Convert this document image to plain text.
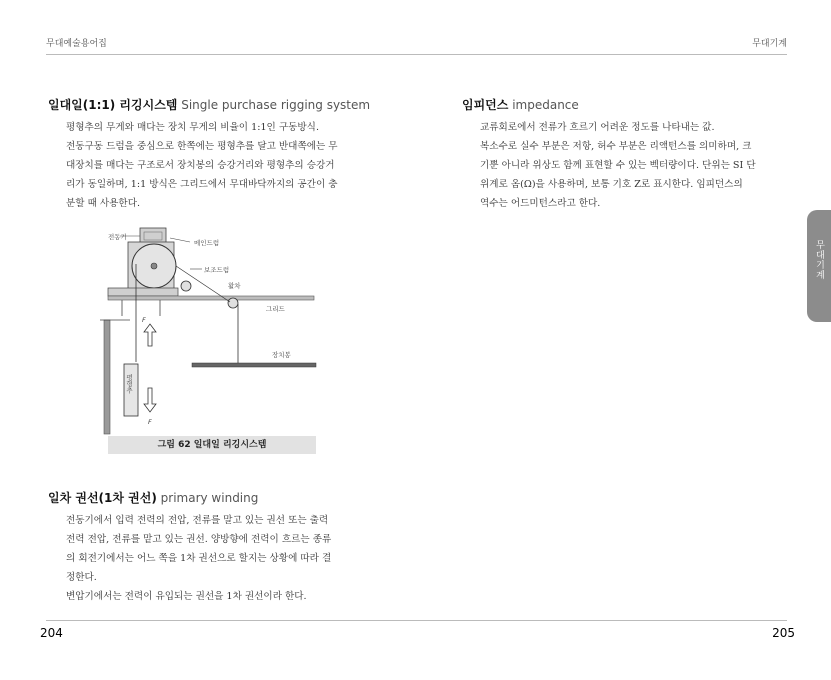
무대예술용어집	무대기계
일대일(1:1) 리깅시스템 Single purchase rigging system

평형추의 무게와 매다는 장치 무게의 비율이 1:1인 구동방식.

전동구동 드럼을 중심으로 한쪽에는 평형추를 달고 반대쪽에는 무

대장치를 매다는 구조로서 장치봉의 승강거리와 평형추의 승강거

리가 동일하며, 1:1 방식은 그리드에서 무대바닥까지의 공간이 충

분할 때 사용한다.

전동기
메인드럼
보조드럼
그리드
활차
장치봉
평형추
F
F
그림 62 일대일 리깅시스템
임피던스 impedance

교류회로에서 전류가 흐르기 어려운 정도를 나타내는 값.

복소수로 실수 부분은 저항, 허수 부분은 리액턴스를 의미하며, 크

기뿐 아니라 위상도 함께 표현할 수 있는 벡터량이다. 단위는 SI 단

위계로 옴(Ω)을 사용하며, 보통 기호 Z로 표시한다. 임피던스의

역수는 어드미턴스라고 한다.

일차 권선(1차 권선) primary winding

전동기에서 입력 전력의 전압, 전류를 말고 있는 권선 또는 출력

전력 전압, 전류를 맡고 있는 권선. 양방향에 전력이 흐르는 종류

의 회전기에서는 어느 쪽을 1차 권선으로 할지는 상황에 따라 결

정한다.

변압기에서는 전력이 유입되는 권선을 1차 권선이라 한다.

무대기계
204	205
